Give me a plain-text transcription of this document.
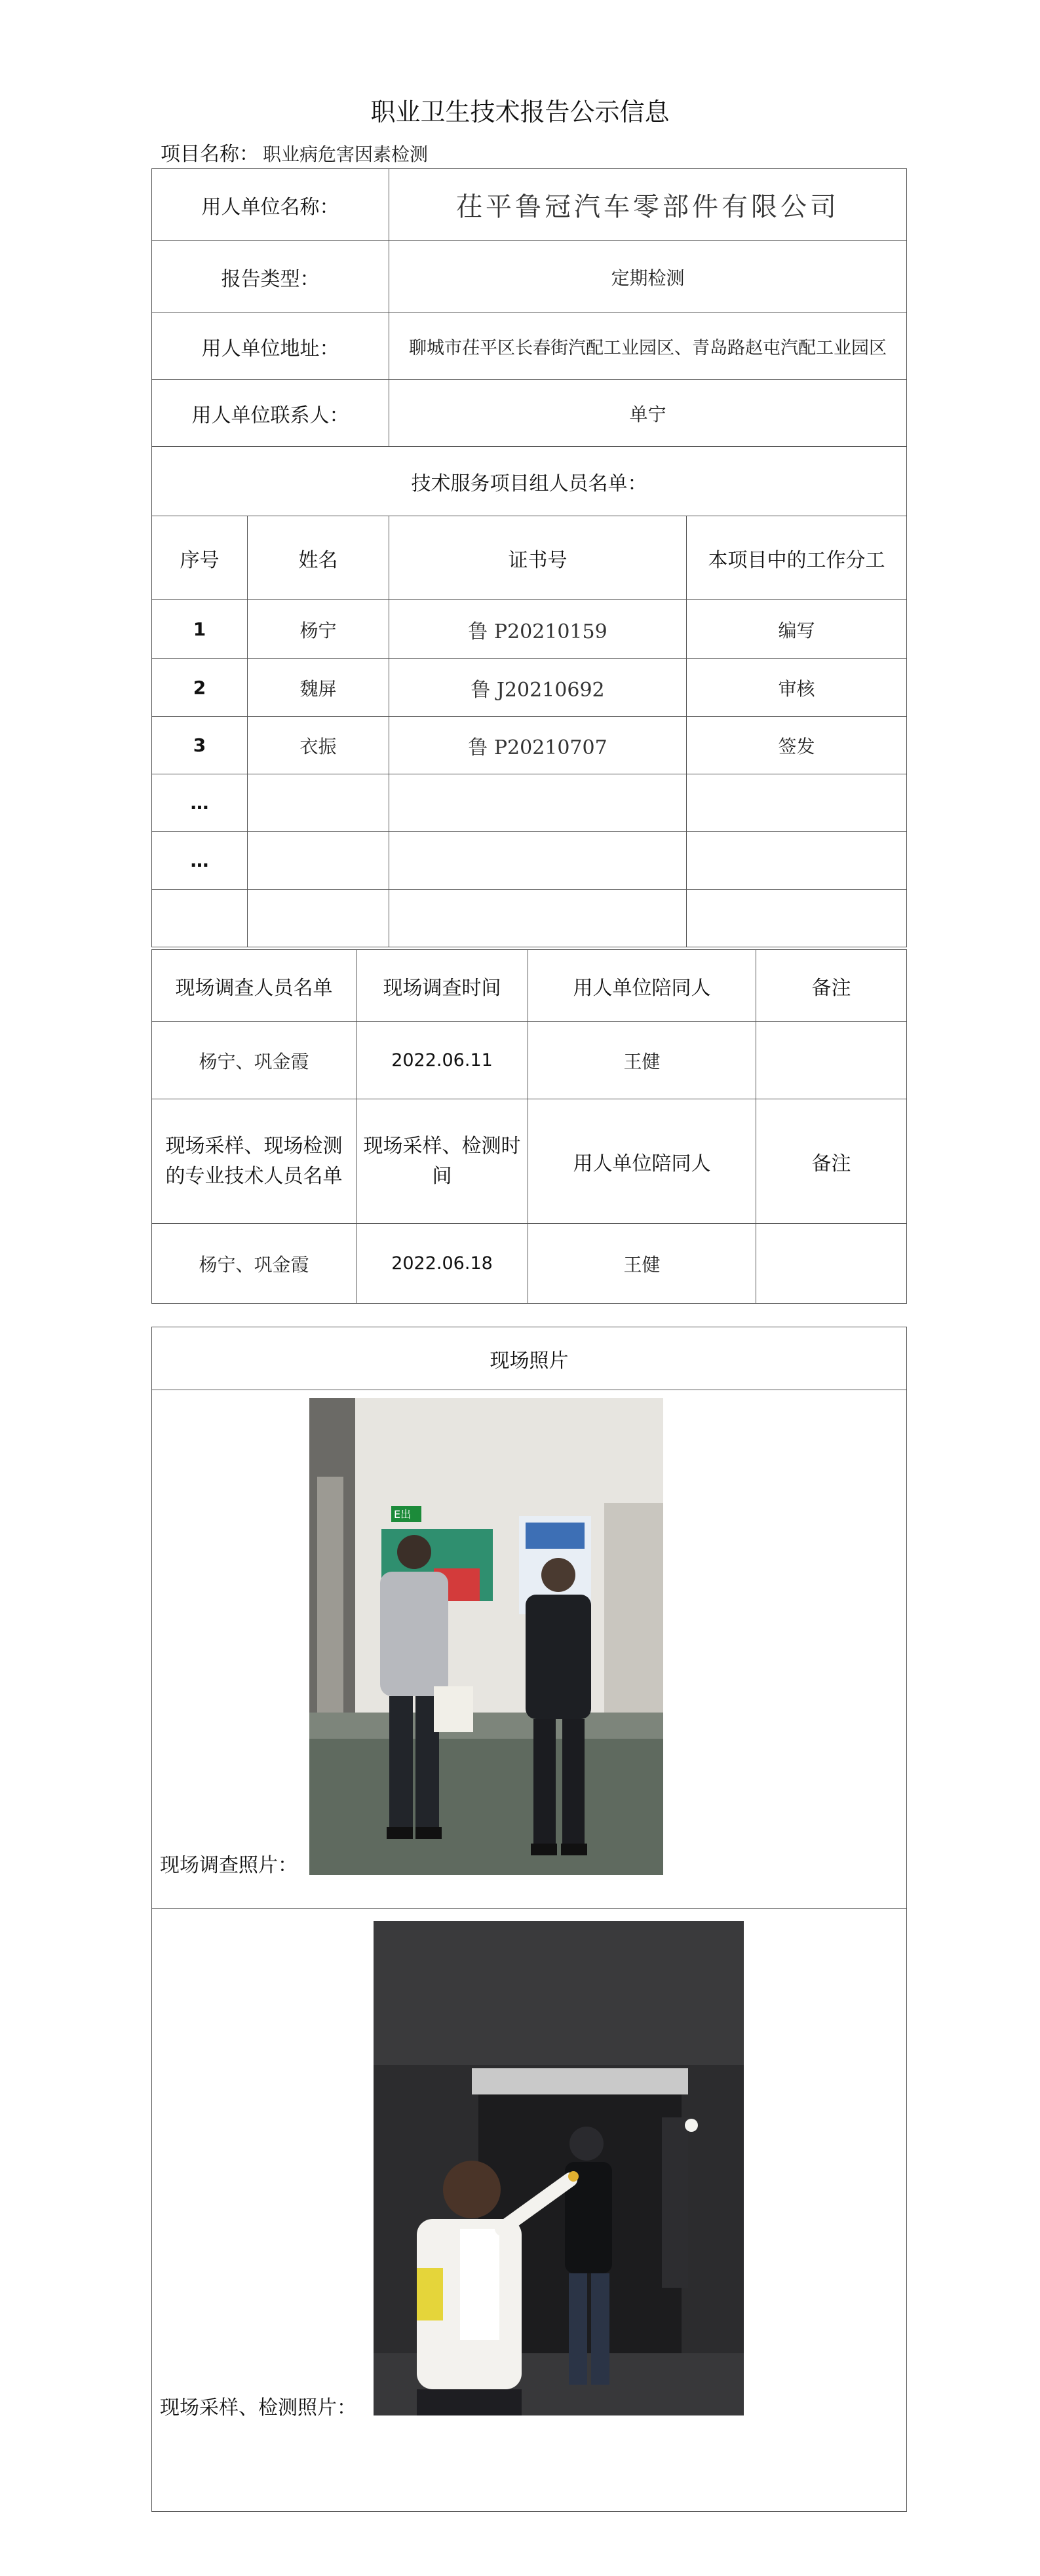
职业卫生技术报告公示信息
项目名称： 职业病危害因素检测
用人单位名称：		茌平鲁冠汽车零部件有限公司	
报告类型：		定期检测	
用人单位地址：		聊城市茌平区长春街汽配工业园区、青岛路赵屯汽配工业园区	
用人单位联系人：		单宁	
技术服务项目组人员名单：			
序号	姓名	证书号	本项目中的工作分工
1	杨宁	鲁 P20210159	编写
2	魏屏	鲁 J20210692	审核
3	衣振	鲁 P20210707	签发
…			
…			

现场调查人员名单	现场调查时间	用人单位陪同人	备注
杨宁、巩金霞	2022.06.11	王健	
现场采样、现场检测的专业技术人员名单	现场采样、检测时间	用人单位陪同人	备注
杨宁、巩金霞	2022.06.18	王健	
现场照片

E出
现场调查照片：

现场采样、检测照片：
